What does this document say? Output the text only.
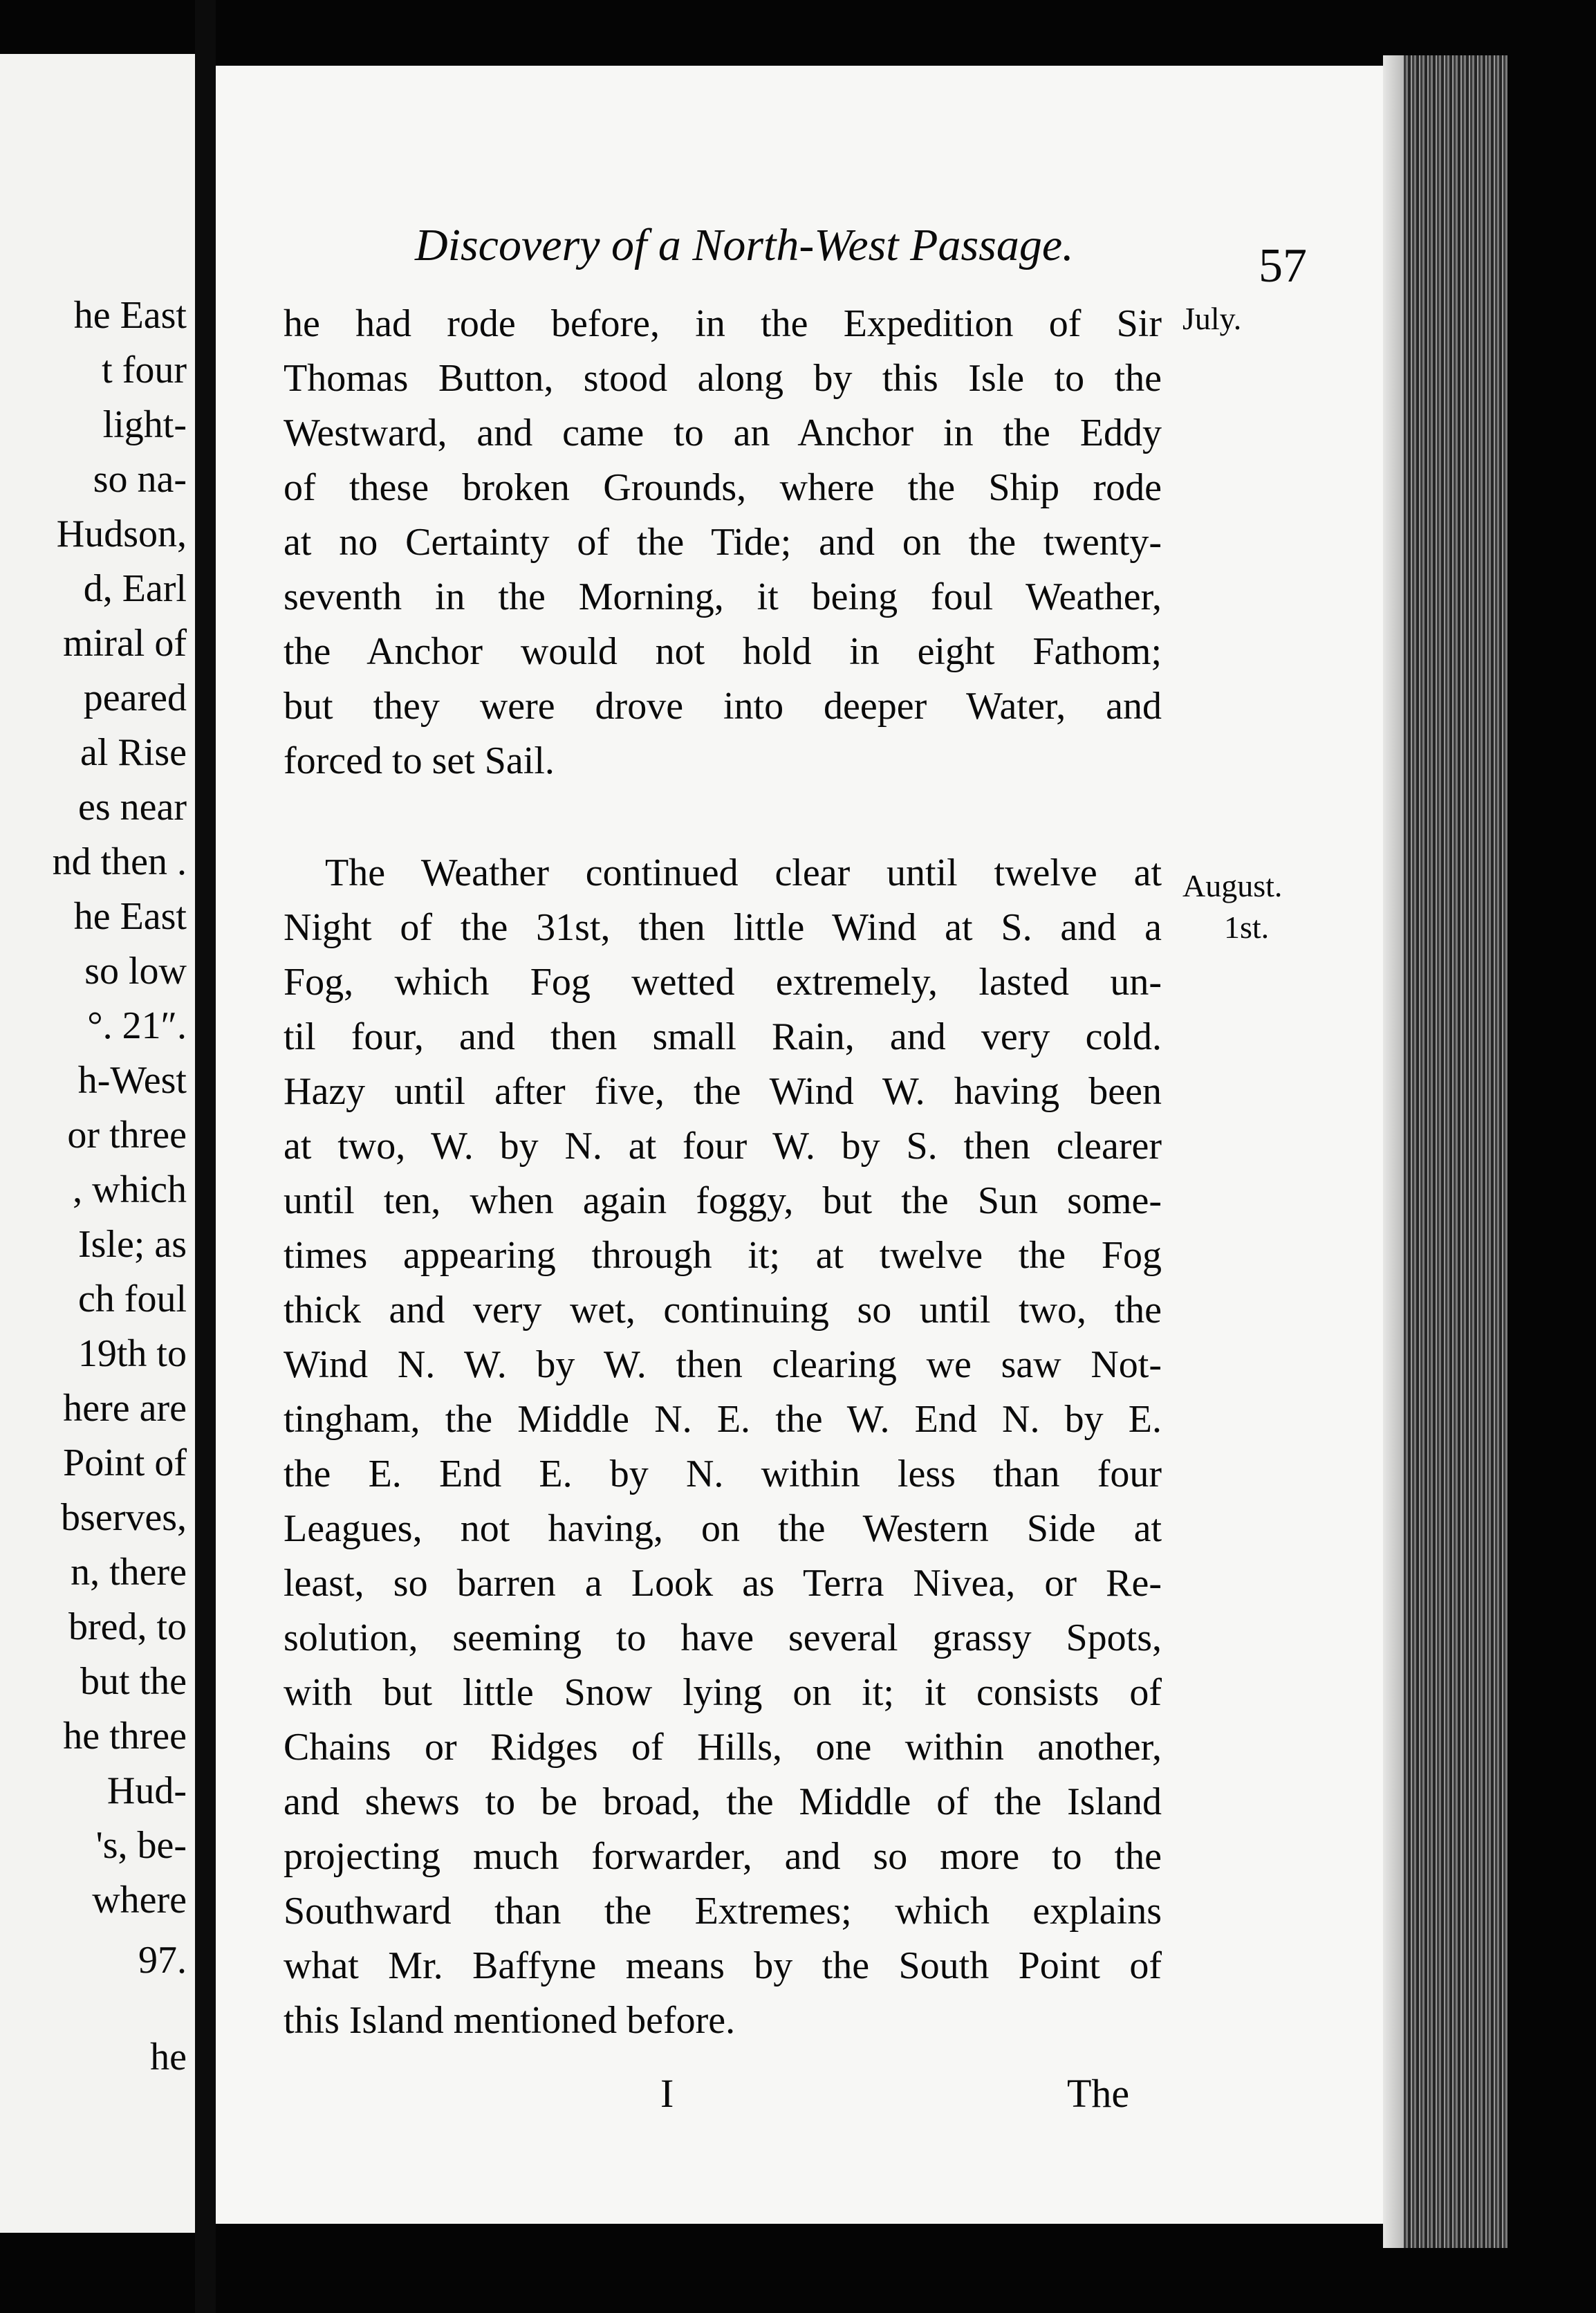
he East
t four
light-
so na-
Hudson,
d, Earl
miral of
peared
al Rise
es near
nd then .
he East
so low
°. 21″.
h-West
or three
, which
Isle; as
ch foul
19th to
here are
Point of
bserves,
n, there
bred, to
but the
he three
Hud-
's, be-
where
97.
he
Discovery of a North-West Passage.	57
July.
August.
1st.
he had rode before, in the Expedition of Sir
Thomas Button, stood along by this Isle to the
Westward, and came to an Anchor in the Eddy
of these broken Grounds, where the Ship rode
at no Certainty of the Tide; and on the twenty-
seventh in the Morning, it being foul Weather,
the Anchor would not hold in eight Fathom;
but they were drove into deeper Water, and
forced to set Sail.
The Weather continued clear until twelve at
Night of the 31st, then little Wind at S. and a
Fog, which Fog wetted extremely, lasted un-
til four, and then small Rain, and very cold.
Hazy until after five, the Wind W. having been
at two, W. by N. at four W. by S. then clearer
until ten, when again foggy, but the Sun some-
times appearing through it; at twelve the Fog
thick and very wet, continuing so until two, the
Wind N. W. by W. then clearing we saw Not-
tingham, the Middle N. E. the W. End N. by E.
the E. End E. by N. within less than four
Leagues, not having, on the Western Side at
least, so barren a Look as Terra Nivea, or Re-
solution, seeming to have several grassy Spots,
with but little Snow lying on it; it consists of
Chains or Ridges of Hills, one within another,
and shews to be broad, the Middle of the Island
projecting much forwarder, and so more to the
Southward than the Extremes; which explains
what Mr. Baffyne means by the South Point of
this Island mentioned before.
I	The
